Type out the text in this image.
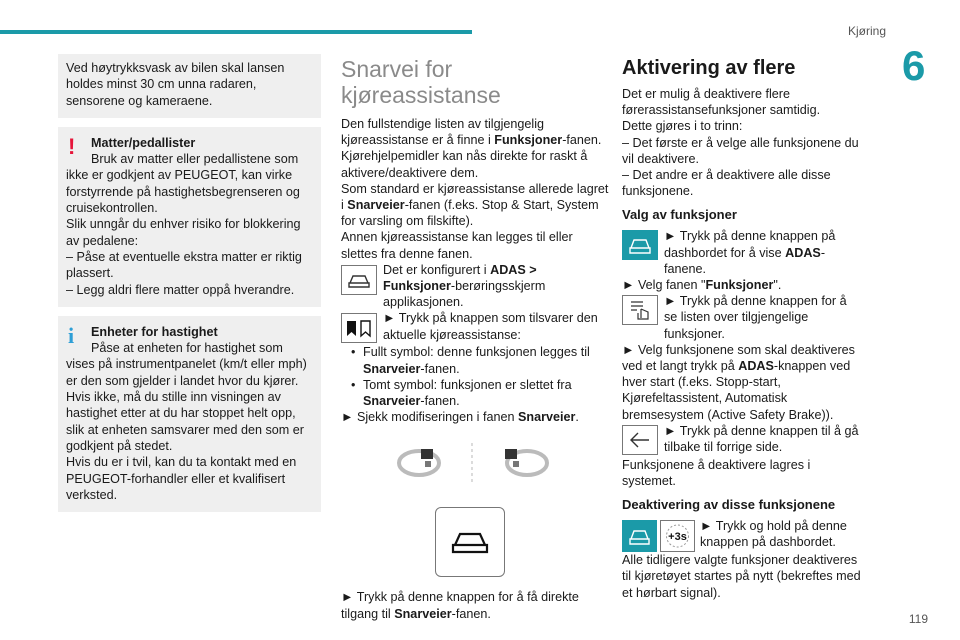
Kjøring
6
119
Ved høytrykksvask av bilen skal lansen holdes minst 30 cm unna radaren, sensorene og kameraene.
! Matter/pedallister
Bruk av matter eller pedallistene som ikke er godkjent av PEUGEOT, kan virke forstyrrende på hastighetsbegrenseren og cruisekontrollen.
Slik unngår du enhver risiko for blokkering av pedalene:
– Påse at eventuelle ekstra matter er riktig plassert.
– Legg aldri flere matter oppå hverandre.
i Enheter for hastighet
Påse at enheten for hastighet som vises på instrumentpanelet (km/t eller mph) er den som gjelder i landet hvor du kjører.
Hvis ikke, må du stille inn visningen av hastighet etter at du har stoppet helt opp, slik at enheten samsvarer med den som er godkjent på stedet.
Hvis du er i tvil, kan du ta kontakt med en PEUGEOT-forhandler eller et kvalifisert verksted.
Snarvei for kjøreassistanse
Den fullstendige listen av tilgjengelig kjøreassistanse er å finne i Funksjoner-fanen.
Kjørehjelpemidler kan nås direkte for raskt å aktivere/deaktivere dem.
Som standard er kjøreassistanse allerede lagret i Snarveier-fanen (f.eks. Stop & Start, System for varsling om filskifte).
Annen kjøreassistanse kan legges til eller slettes fra denne fanen.
Det er konfigurert i ADAS > Funksjoner-berøringsskjerm applikasjonen.
► Trykk på knappen som tilsvarer den aktuelle kjøreassistanse:
• Fullt symbol: denne funksjonen legges til Snarveier-fanen.
• Tomt symbol: funksjonen er slettet fra Snarveier-fanen.
► Sjekk modifiseringen i fanen Snarveier.
► Trykk på denne knappen for å få direkte tilgang til Snarveier-fanen.
Aktivering av flere
Det er mulig å deaktivere flere førerassistansefunksjoner samtidig.
Dette gjøres i to trinn:
– Det første er å velge alle funksjonene du vil deaktivere.
– Det andre er å deaktivere alle disse funksjonene.
Valg av funksjoner
► Trykk på denne knappen på dashbordet for å vise ADAS-fanene.
► Velg fanen "Funksjoner".
► Trykk på denne knappen for å se listen over tilgjengelige funksjoner.
► Velg funksjonene som skal deaktiveres ved et langt trykk på ADAS-knappen ved hver start (f.eks. Stopp-start, Kjørefeltassistent, Automatisk bremsesystem (Active Safety Brake)).
► Trykk på denne knappen til å gå tilbake til forrige side.
Funksjonene å deaktivere lagres i systemet.
Deaktivering av disse funksjonene
+3s
► Trykk og hold på denne knappen på dashbordet.
Alle tidligere valgte funksjoner deaktiveres til kjøretøyet startes på nytt (bekreftes med et hørbart signal).
